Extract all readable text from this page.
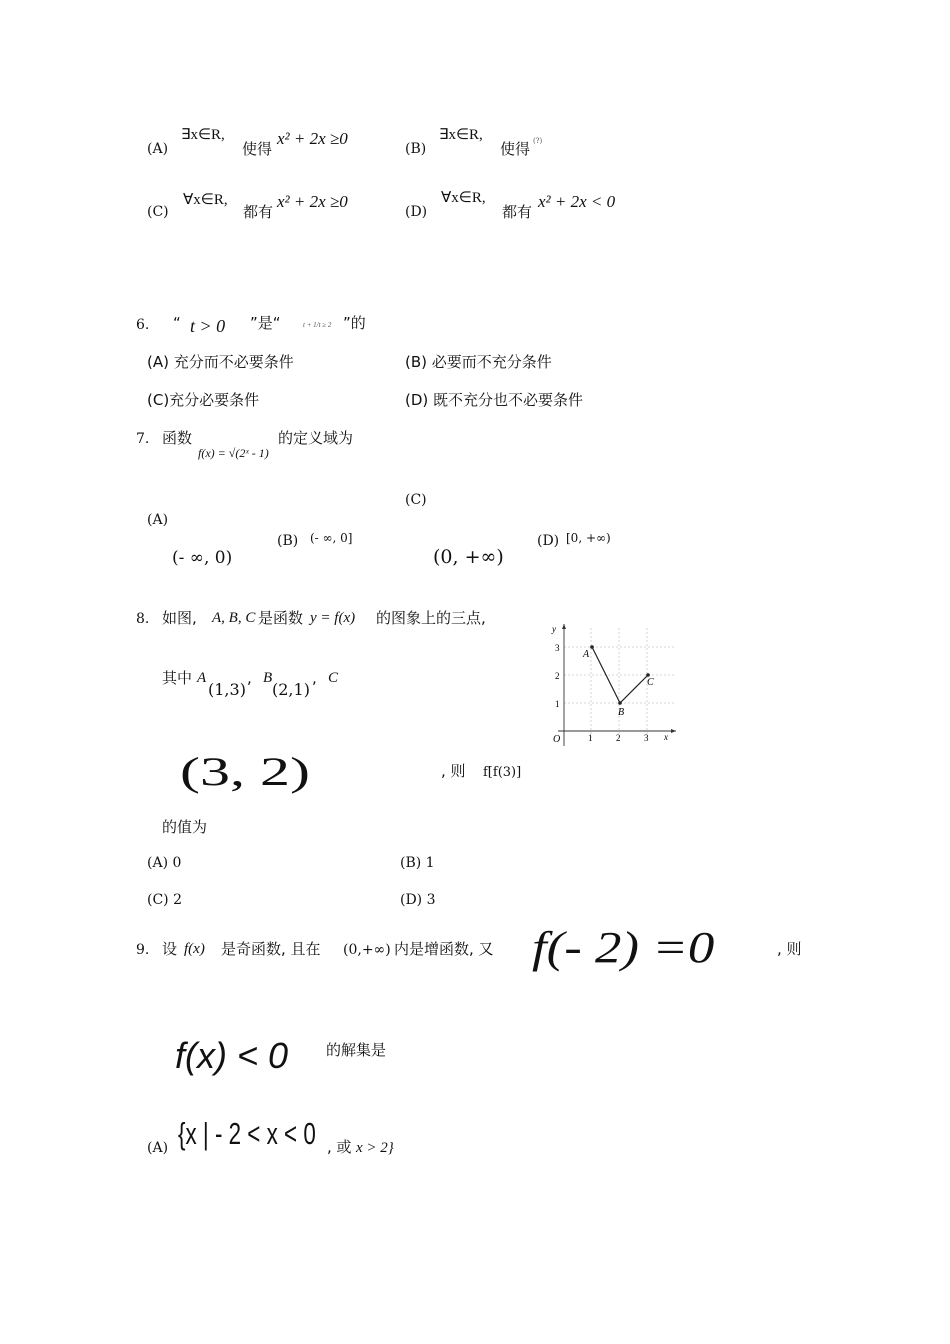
(A)
∃x∈R,
使得
x² + 2x ≥0
(B)
∃x∈R,
使得 (?)
(C)
∀x∈R,
都有
x² + 2x ≥0
(D)
∀x∈R,
都有
x² + 2x < 0
6. “ t > 0 ”是“	t + 1/t ≥ 2 ”的
(A) 充分而不必要条件	(B) 必要而不充分条件
(C)充分必要条件	(D) 既不充分也不必要条件
7. 函数
f(x) = √(2ˣ - 1)
的定义域为
(A)
(- ∞, 0)
(B) (- ∞, 0]
(C)
(0, +∞)
(D) [0, +∞)
8. 如图, A, B, C 是函数 y = f(x) 的图象上的三点,
其中 A
(1,3)
, B
(2,1)
, C
(3, 2)	, 则 f[f(3)]
的值为
(A) 0	(B) 1
(C) 2	(D) 3
y
x
O	1	2	3
1
2
3
A
B
C
9. 设 f(x) 是奇函数, 且在 (0,+∞) 内是增函数, 又 f(- 2) =0	, 则
f(x) < 0	的解集是
(A) {x | - 2 < x < 0 , 或 x > 2}
